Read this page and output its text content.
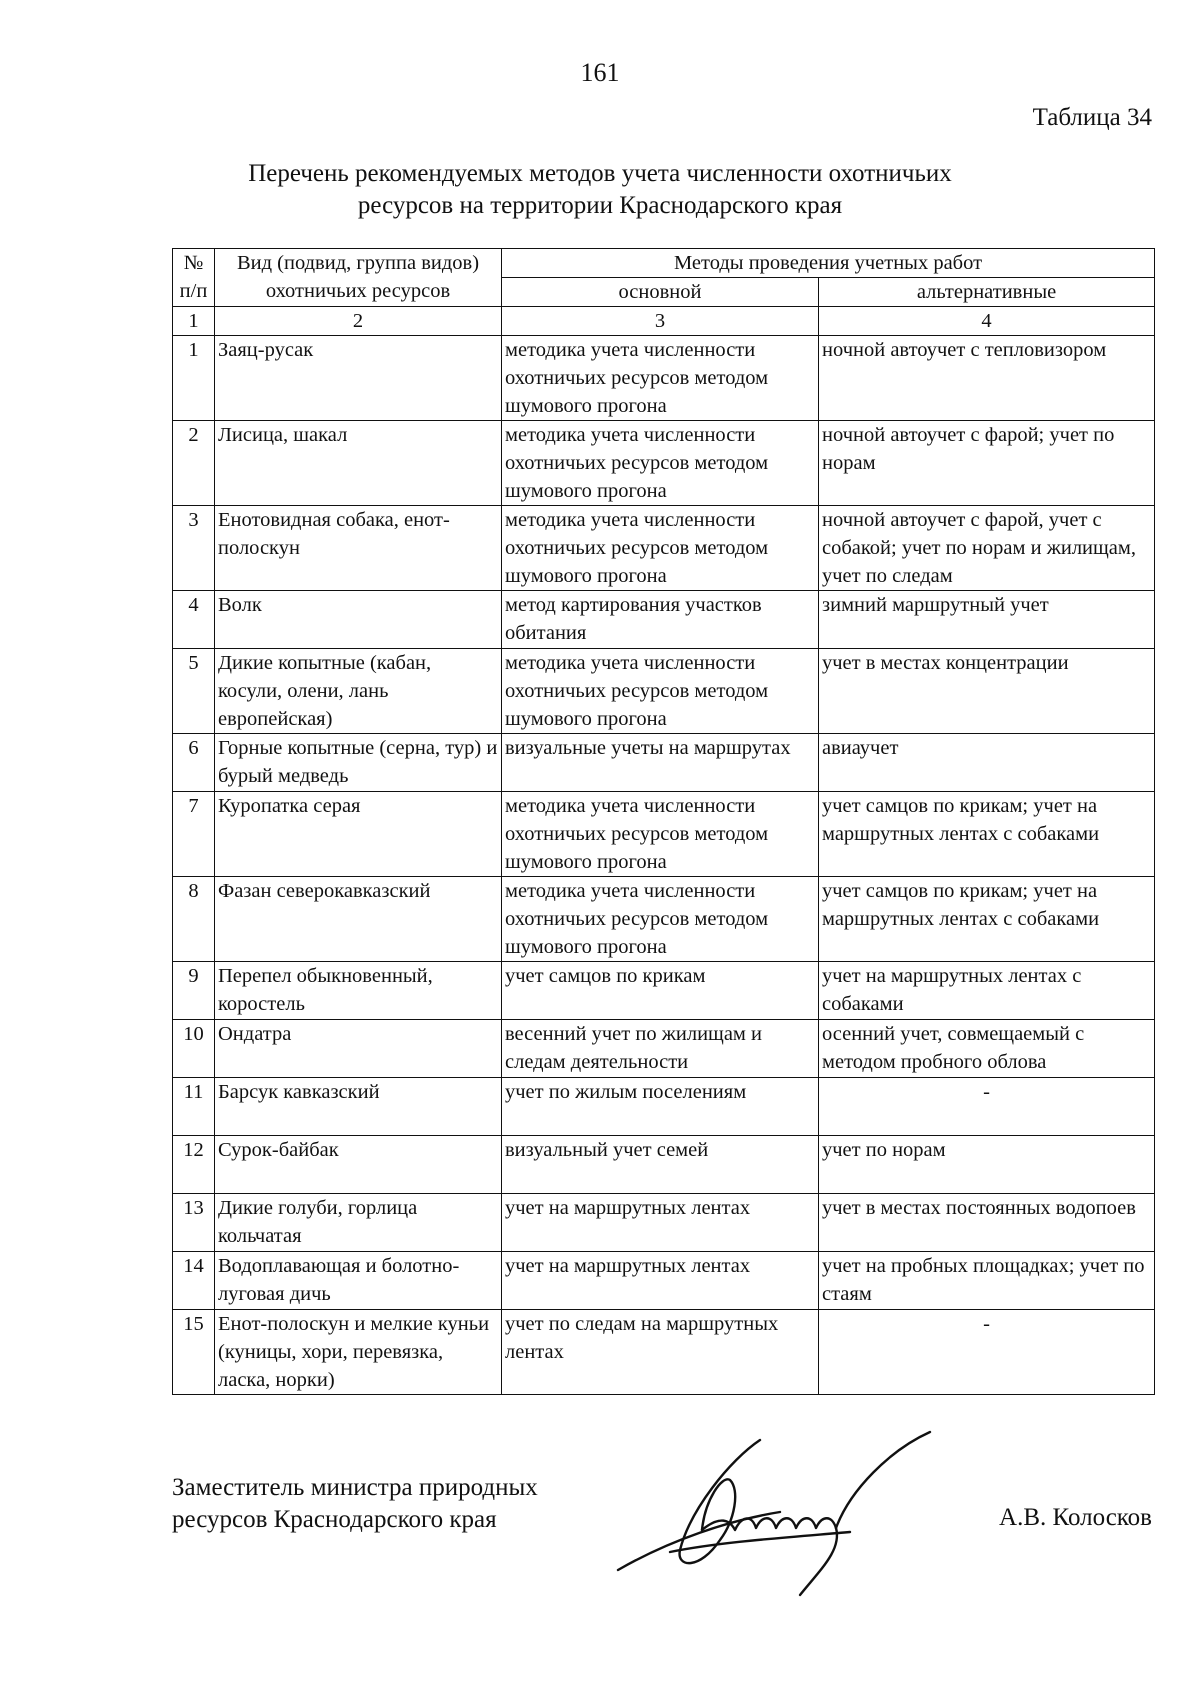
161
Таблица 34
Перечень рекомендуемых методов учета численности охотничьих
ресурсов на территории Краснодарского края
№ п/п	Вид (подвид, группа видов) охотничьих ресурсов	Методы проведения учетных работ	
		основной	альтернативные
1	2	3	4
1	Заяц-русак	методика учета численности охотничьих ресурсов методом шумового прогона	ночной автоучет с тепловизором
2	Лисица, шакал	методика учета численности охотничьих ресурсов методом шумового прогона	ночной автоучет с фарой; учет по норам
3	Енотовидная собака, енот-полоскун	методика учета численности охотничьих ресурсов методом шумового прогона	ночной автоучет с фарой, учет с собакой; учет по норам и жилищам, учет по следам
4	Волк	метод картирования участков обитания	зимний маршрутный учет
5	Дикие копытные (кабан, косули, олени, лань европейская)	методика учета численности охотничьих ресурсов методом шумового прогона	учет в местах концентрации
6	Горные копытные (серна, тур) и бурый медведь	визуальные учеты на маршрутах	авиаучет
7	Куропатка серая	методика учета численности охотничьих ресурсов методом шумового прогона	учет самцов по крикам; учет на маршрутных лентах с собаками
8	Фазан северокавказский	методика учета численности охотничьих ресурсов методом шумового прогона	учет самцов по крикам; учет на маршрутных лентах с собаками
9	Перепел обыкновенный, коростель	учет самцов по крикам	учет на маршрутных лентах с собаками
10	Ондатра	весенний учет по жилищам и следам деятельности	осенний учет, совмещаемый с методом пробного облова
11	Барсук кавказский	учет по жилым поселениям	-
12	Сурок-байбак	визуальный учет семей	учет по норам
13	Дикие голуби, горлица кольчатая	учет на маршрутных лентах	учет в местах постоянных водопоев
14	Водоплавающая и болотно-луговая дичь	учет на маршрутных лентах	учет на пробных площадках; учет по стаям
15	Енот-полоскун и мелкие куньи (куницы, хори, перевязка, ласка, норки)	учет по следам на маршрутных лентах	-
Заместитель министра природных
ресурсов Краснодарского края	А.В. Колосков
